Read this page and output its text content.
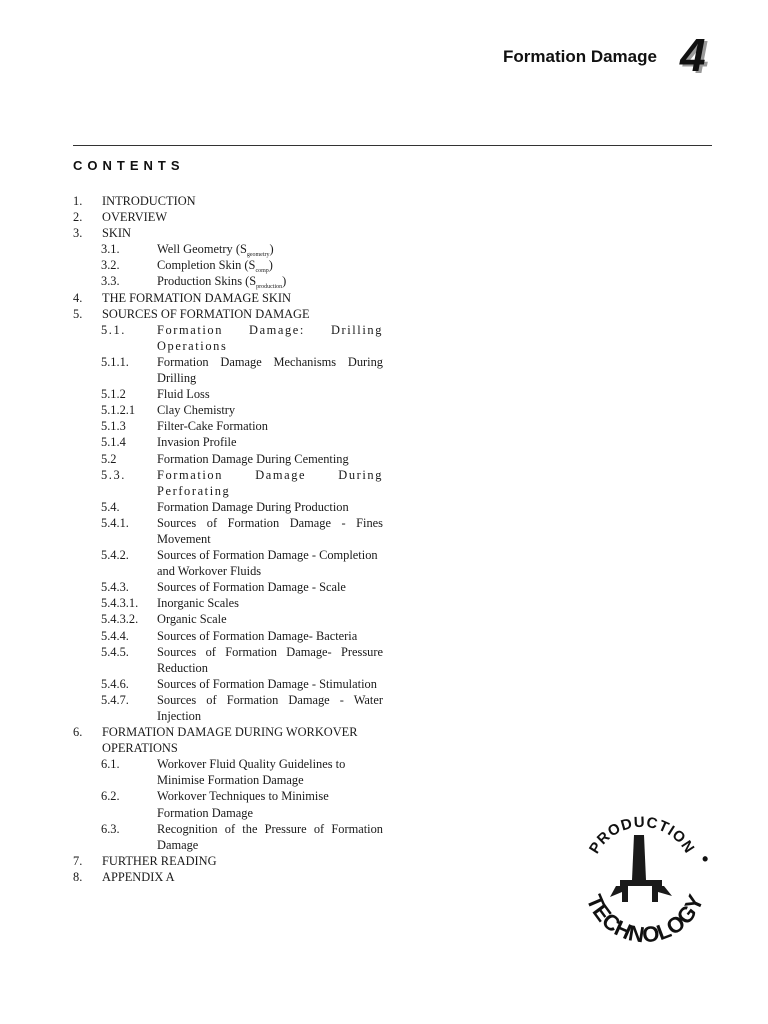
Formation Damage 4
CONTENTS
1. INTRODUCTION
2. OVERVIEW
3. SKIN
3.1.	Well Geometry $(S_{geometry})$
3.2.	Completion Skin $(S_{comp})$
3.3.	Production Skins $(S_{production})$
4. THE FORMATION DAMAGE SKIN
5. SOURCES OF FORMATION DAMAGE
5.1.	Formation Damage: Drilling Operations
5.1.1. Formation Damage Mechanisms During Drilling
5.1.2	Fluid Loss
5.1.2.1 Clay Chemistry
5.1.3	Filter-Cake Formation
5.1.4	Invasion Profile
5.2	Formation Damage During Cementing
5.3.	Formation Damage During Perforating
5.4.	Formation Damage During Production
5.4.1. Sources of Formation Damage - Fines Movement
5.4.2. Sources of Formation Damage - Completion and Workover Fluids
5.4.3. Sources of Formation Damage - Scale
5.4.3.1. Inorganic Scales
5.4.3.2. Organic Scale
5.4.4. Sources of Formation Damage- Bacteria
5.4.5. Sources of Formation Damage- Pressure Reduction
5.4.6. Sources of Formation Damage - Stimulation
5.4.7. Sources of Formation Damage - Water Injection
6. FORMATION DAMAGE DURING WORKOVER OPERATIONS
6.1.	Workover Fluid Quality Guidelines to Minimise Formation Damage
6.2.	Workover Techniques to Minimise Formation Damage
6.3.	Recognition of the Pressure of Formation Damage
7. FURTHER READING
8. APPENDIX A
PRODUCTION
TECHNOLOGY
•
